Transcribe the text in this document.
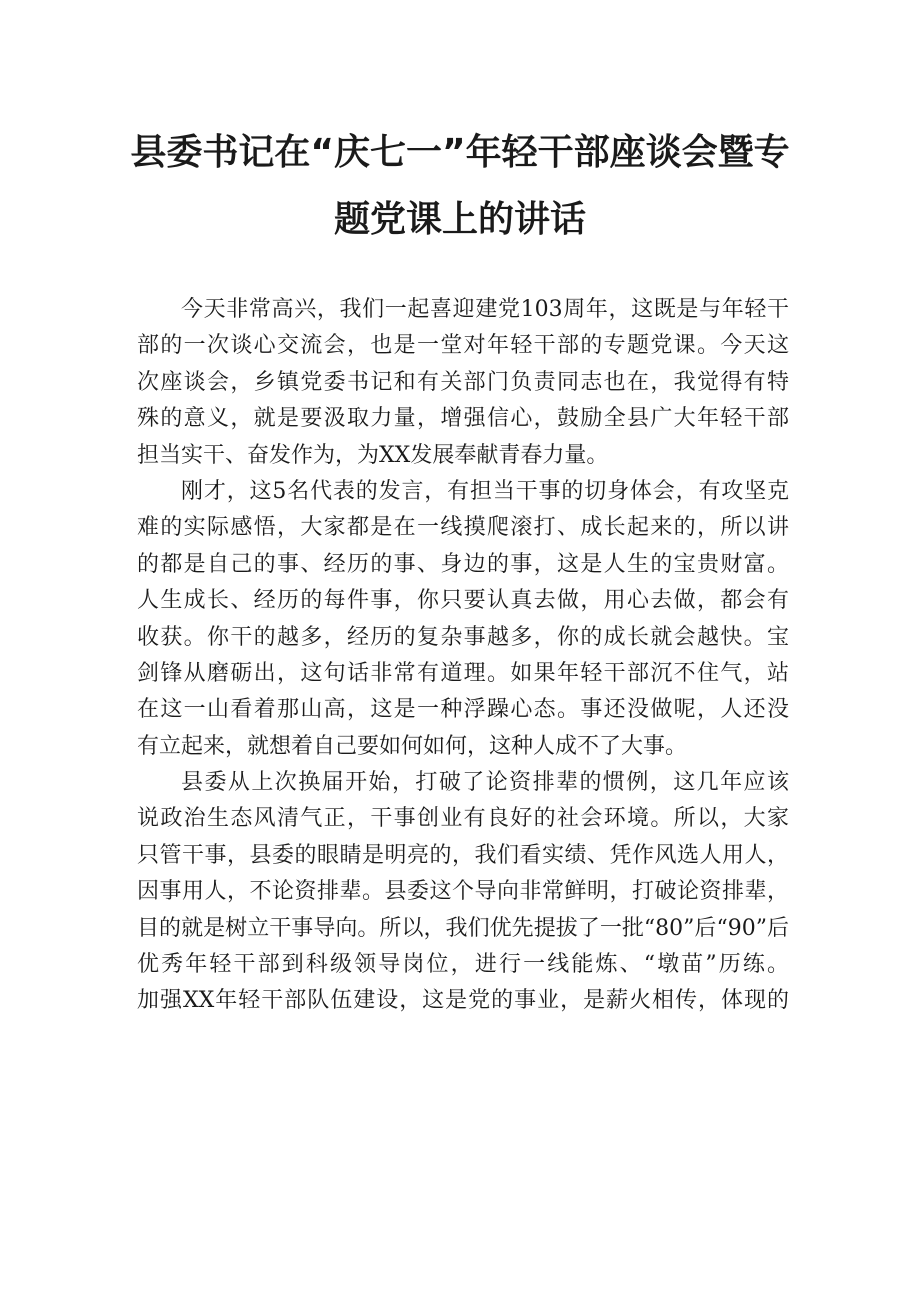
县委书记在“庆七一”年轻干部座谈会暨专
题党课上的讲话
今天非常高兴，我们一起喜迎建党103周年，这既是与年轻干
部的一次谈心交流会，也是一堂对年轻干部的专题党课。今天这
次座谈会，乡镇党委书记和有关部门负责同志也在，我觉得有特
殊的意义，就是要汲取力量，增强信心，鼓励全县广大年轻干部
担当实干、奋发作为，为XX发展奉献青春力量。
刚才，这5名代表的发言，有担当干事的切身体会，有攻坚克
难的实际感悟，大家都是在一线摸爬滚打、成长起来的，所以讲
的都是自己的事、经历的事、身边的事，这是人生的宝贵财富。
人生成长、经历的每件事，你只要认真去做，用心去做，都会有
收获。你干的越多，经历的复杂事越多，你的成长就会越快。宝
剑锋从磨砺出，这句话非常有道理。如果年轻干部沉不住气，站
在这一山看着那山高，这是一种浮躁心态。事还没做呢，人还没
有立起来，就想着自己要如何如何，这种人成不了大事。
县委从上次换届开始，打破了论资排辈的惯例，这几年应该
说政治生态风清气正，干事创业有良好的社会环境。所以，大家
只管干事，县委的眼睛是明亮的，我们看实绩、凭作风选人用人，
因事用人，不论资排辈。县委这个导向非常鲜明，打破论资排辈，
目的就是树立干事导向。所以，我们优先提拔了一批“80”后“90”后
优秀年轻干部到科级领导岗位，进行一线能炼、“墩苗”历练。
加强XX年轻干部队伍建设，这是党的事业，是薪火相传，体现的
